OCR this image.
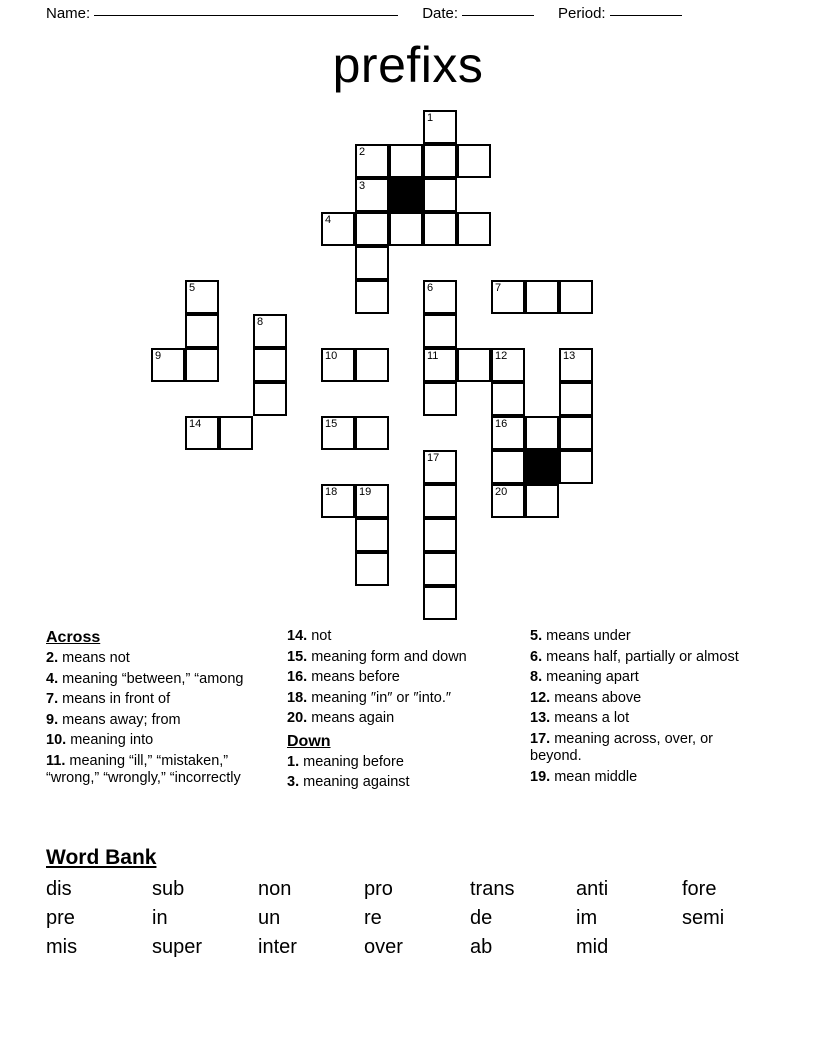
Name:	Date:	Period:
prefixs
1
2
3
4
5	6	7
8
9	10	11	12	13
14	15	16
17
18 19	20
Across
2. means not
4. meaning “between,” “among
7. means in front of
9. means away; from
10. meaning into
11. meaning “ill,” “mistaken,” “wrong,” “wrongly,” “incorrectly
14. not
15. meaning form and down
16. means before
18. meaning ″in″ or ″into.″
20. means again
Down
1. meaning before
3. meaning against
5. means under
6. means half, partially or almost
8. meaning apart
12. means above
13. means a lot
17. meaning across, over, or beyond.
19. mean middle
Word Bank
dis	sub	non	pro	trans	anti	fore
pre	in	un	re	de	im	semi
mis	super	inter	over	ab	mid
